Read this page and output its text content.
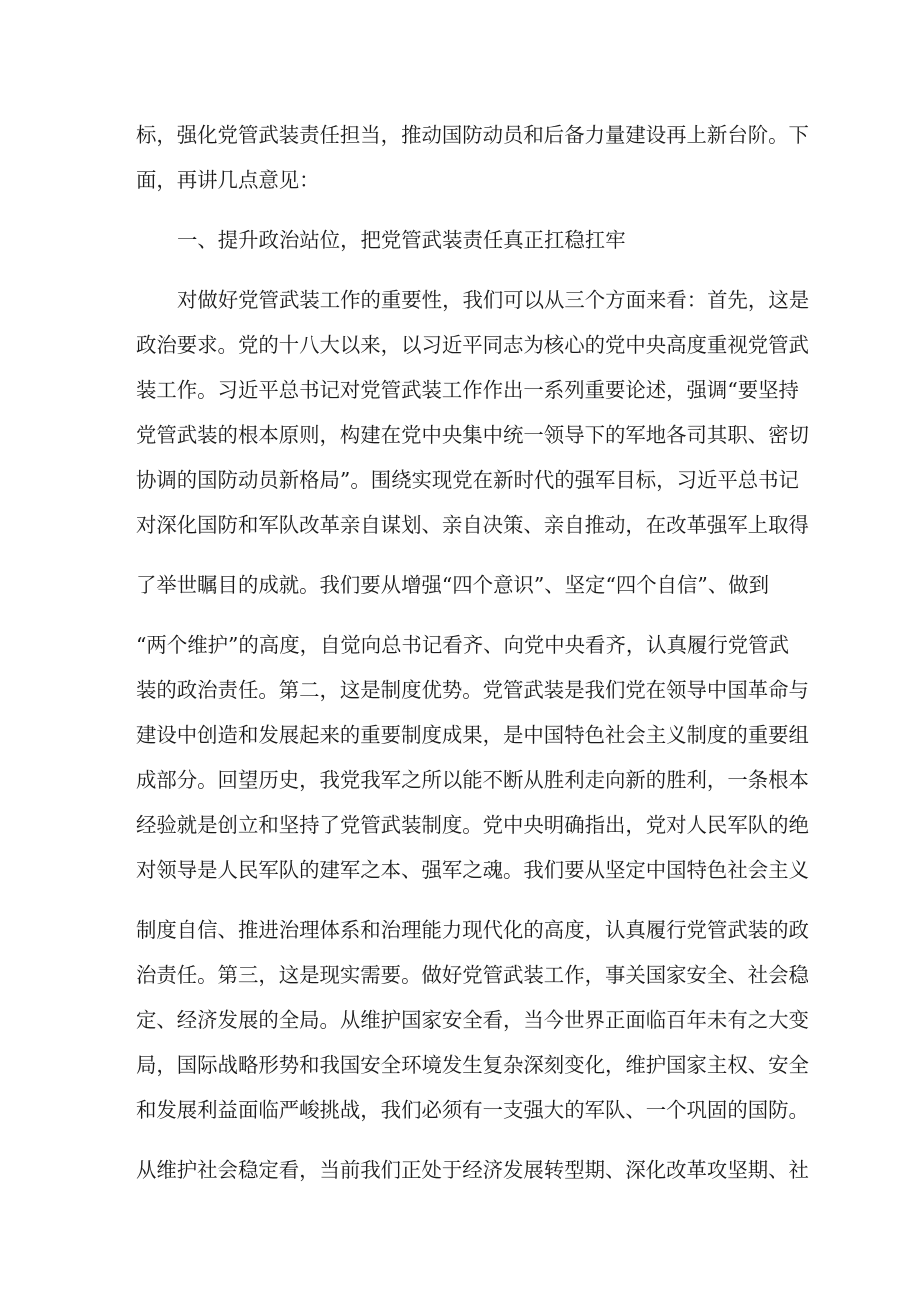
标，强化党管武装责任担当，推动国防动员和后备力量建设再上新台阶。下
面，再讲几点意见：
一、提升政治站位，把党管武装责任真正扛稳扛牢
对做好党管武装工作的重要性，我们可以从三个方面来看：首先，这是
政治要求。党的十八大以来，以习近平同志为核心的党中央高度重视党管武
装工作。习近平总书记对党管武装工作作出一系列重要论述，强调“要坚持
党管武装的根本原则，构建在党中央集中统一领导下的军地各司其职、密切
协调的国防动员新格局”。围绕实现党在新时代的强军目标，习近平总书记
对深化国防和军队改革亲自谋划、亲自决策、亲自推动，在改革强军上取得
了举世瞩目的成就。我们要从增强“四个意识”、坚定“四个自信”、做到
“两个维护”的高度，自觉向总书记看齐、向党中央看齐，认真履行党管武
装的政治责任。第二，这是制度优势。党管武装是我们党在领导中国革命与
建设中创造和发展起来的重要制度成果，是中国特色社会主义制度的重要组
成部分。回望历史，我党我军之所以能不断从胜利走向新的胜利，一条根本
经验就是创立和坚持了党管武装制度。党中央明确指出，党对人民军队的绝
对领导是人民军队的建军之本、强军之魂。我们要从坚定中国特色社会主义
制度自信、推进治理体系和治理能力现代化的高度，认真履行党管武装的政
治责任。第三，这是现实需要。做好党管武装工作，事关国家安全、社会稳
定、经济发展的全局。从维护国家安全看，当今世界正面临百年未有之大变
局，国际战略形势和我国安全环境发生复杂深刻变化，维护国家主权、安全
和发展利益面临严峻挑战，我们必须有一支强大的军队、一个巩固的国防。
从维护社会稳定看，当前我们正处于经济发展转型期、深化改革攻坚期、社
